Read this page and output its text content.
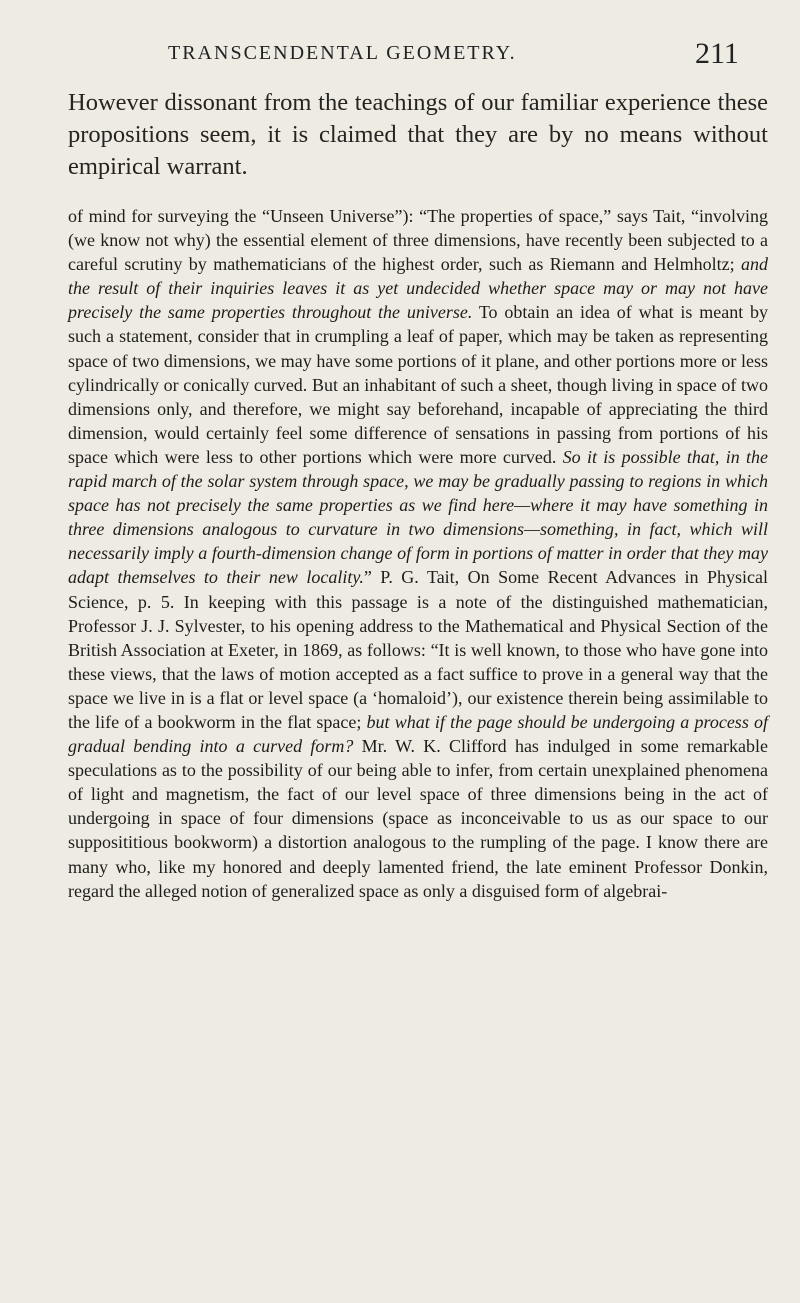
TRANSCENDENTAL GEOMETRY.	211

However dissonant from the teachings of our familiar experience these propositions seem, it is claimed that they are by no means without empirical warrant.

of mind for surveying the “Unseen Universe”): “The properties of space,” says Tait, “involving (we know not why) the essential element of three dimensions, have recently been subjected to a careful scrutiny by mathematicians of the highest order, such as Riemann and Helmholtz; and the result of their inquiries leaves it as yet undecided whether space may or may not have precisely the same properties throughout the universe. To obtain an idea of what is meant by such a statement, consider that in crumpling a leaf of paper, which may be taken as representing space of two dimensions, we may have some portions of it plane, and other portions more or less cylindrically or conically curved. But an inhabitant of such a sheet, though living in space of two dimensions only, and therefore, we might say beforehand, incapable of appreciating the third dimension, would certainly feel some difference of sensations in passing from portions of his space which were less to other portions which were more curved. So it is possible that, in the rapid march of the solar system through space, we may be gradually passing to regions in which space has not precisely the same properties as we find here—where it may have something in three dimensions analogous to curvature in two dimensions—something, in fact, which will necessarily imply a fourth-dimension change of form in portions of matter in order that they may adapt themselves to their new locality.” P. G. Tait, On Some Recent Advances in Physical Science, p. 5. In keeping with this passage is a note of the distinguished mathematician, Professor J. J. Sylvester, to his opening address to the Mathematical and Physical Section of the British Association at Exeter, in 1869, as follows: “It is well known, to those who have gone into these views, that the laws of motion accepted as a fact suffice to prove in a general way that the space we live in is a flat or level space (a ‘homaloid’), our existence therein being assimilable to the life of a bookworm in the flat space; but what if the page should be undergoing a process of gradual bending into a curved form? Mr. W. K. Clifford has indulged in some remarkable speculations as to the possibility of our being able to infer, from certain unexplained phenomena of light and magnetism, the fact of our level space of three dimensions being in the act of undergoing in space of four dimensions (space as inconceivable to us as our space to our supposititious bookworm) a distortion analogous to the rumpling of the page. I know there are many who, like my honored and deeply lamented friend, the late eminent Professor Donkin, regard the alleged notion of generalized space as only a disguised form of algebrai-
